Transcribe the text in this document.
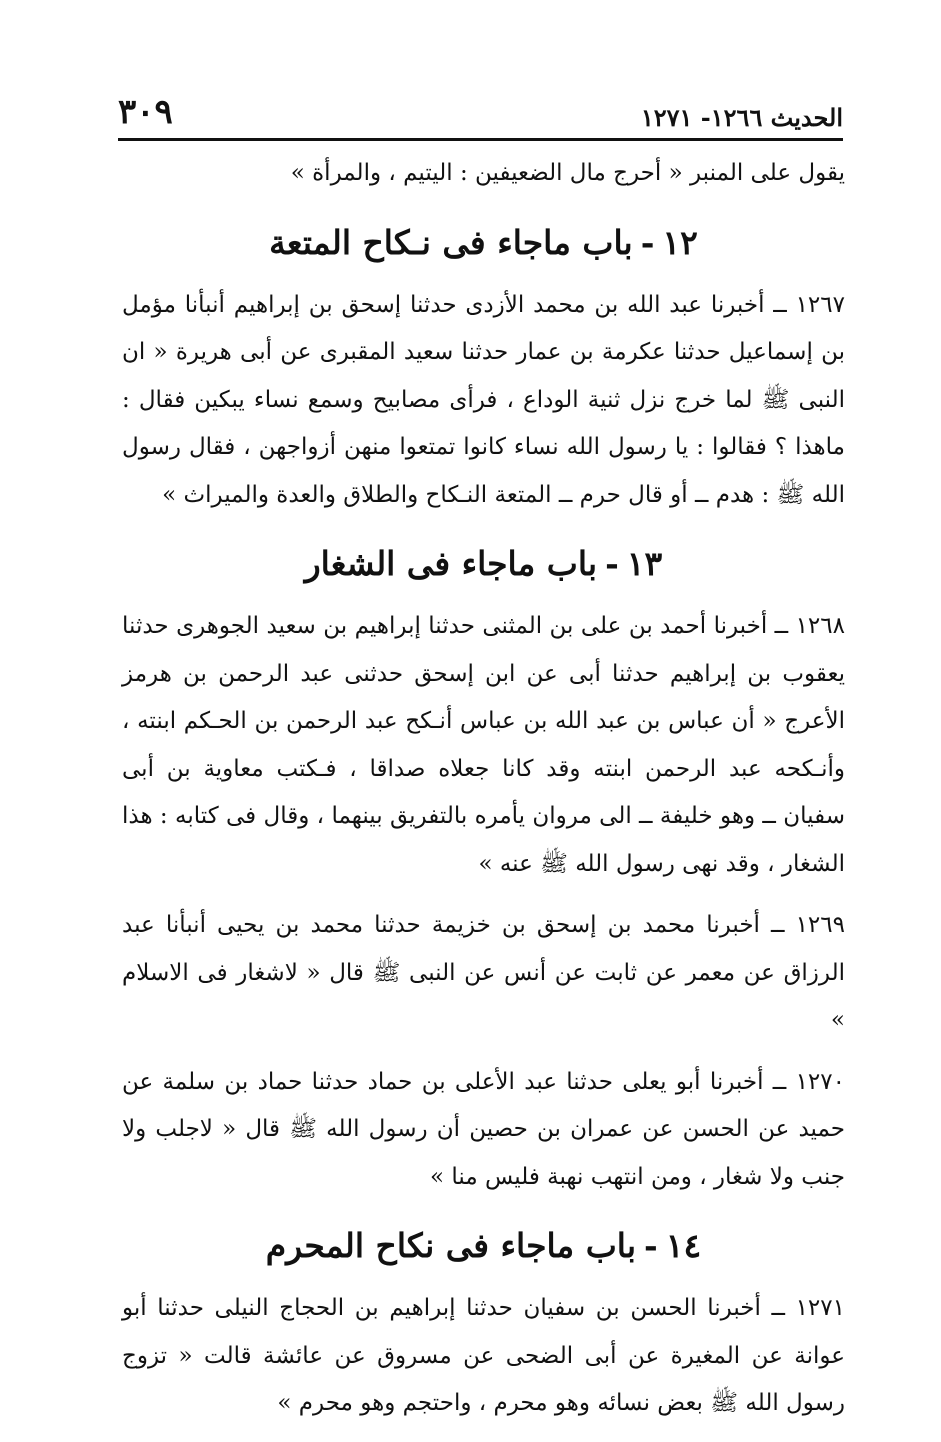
الحديث ١٢٦٦- ١٢٧١
٣٠٩

يقول على المنبر « أحرج مال الضعيفين : اليتيم ، والمرأة »

١٢-باب ماجاء فى نـكاح المتعة

١٢٦٧ ــ أخبرنا عبد الله بن محمد الأزدى حدثنا إسحق بن إبراهيم أنبأنا مؤمل بن إسماعيل حدثنا عكرمة بن عمار حدثنا سعيد المقبرى عن أبى هريرة « ان النبى ﷺ لما خرج نزل ثنية الوداع ، فرأى مصابيح وسمع نساء يبكين فقال : ماهذا ؟ فقالوا : يا رسول الله نساء كانوا تمتعوا منهن أزواجهن ، فقال رسول الله ﷺ : هدم ــ أو قال حرم ــ المتعة النـكاح والطلاق والعدة والميراث »

١٣-باب ماجاء فى الشغار

١٢٦٨ ــ أخبرنا أحمد بن على بن المثنى حدثنا إبراهيم بن سعيد الجوهرى حدثنا يعقوب بن إبراهيم حدثنا أبى عن ابن إسحق حدثنى عبد الرحمن بن هرمز الأعرج « أن عباس بن عبد الله بن عباس أنـكح عبد الرحمن بن الحـكم ابنته ، وأنـكحه عبد الرحمن ابنته وقد كانا جعلاه صداقا ، فـكتب معاوية بن أبى سفيان ــ وهو خليفة ــ الى مروان يأمره بالتفريق بينهما ، وقال فى كتابه : هذا الشغار ، وقد نهى رسول الله ﷺ عنه »

١٢٦٩ ــ أخبرنا محمد بن إسحق بن خزيمة حدثنا محمد بن يحيى أنبأنا عبد الرزاق عن معمر عن ثابت عن أنس عن النبى ﷺ قال « لاشغار فى الاسلام »

١٢٧٠ ــ أخبرنا أبو يعلى حدثنا عبد الأعلى بن حماد حدثنا حماد بن سلمة عن حميد عن الحسن عن عمران بن حصين أن رسول الله ﷺ قال « لاجلب ولا جنب ولا شغار ، ومن انتهب نهبة فليس منا »

١٤-باب ماجاء فى نكاح المحرم

١٢٧١ ــ أخبرنا الحسن بن سفيان حدثنا إبراهيم بن الحجاج النيلى حدثنا أبو عوانة عن المغيرة عن أبى الضحى عن مسروق عن عائشة قالت « تزوج رسول الله ﷺ بعض نسائه وهو محرم ، واحتجم وهو محرم »
